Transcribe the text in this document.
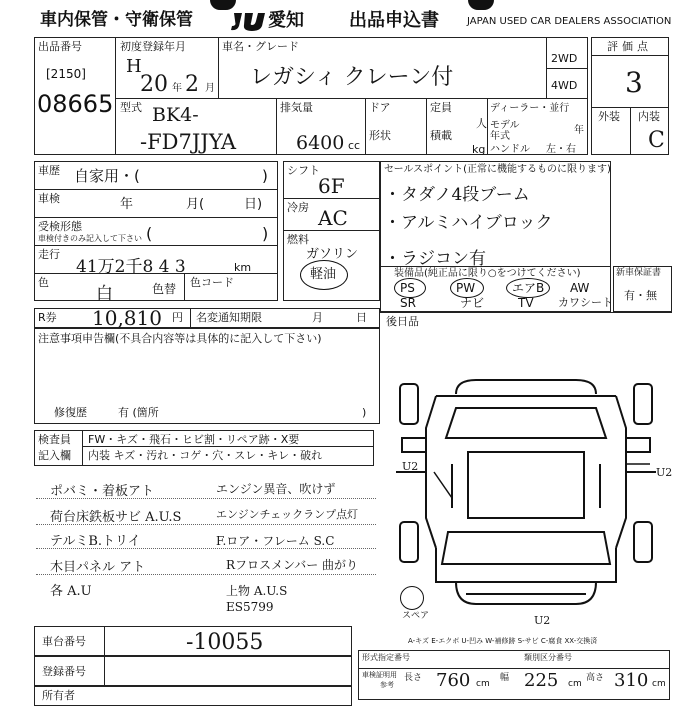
車内保管・守衛保管	愛知	出品申込書	JAPAN USED CAR DEALERS ASSOCIATION
出品番号
[2150]
08665
初度登録年月
H
20 年 2 月
車名・グレード
レガシィ クレーン付
2WD
4WD
評価点
3
外装 内装
C
型式 BK4-
-FD7JJYA
排気量
6400 cc
ドア
形状
定員
人
積載
kg
ディーラー・並行
モデル
年式
年
ハンドル 左・右
車歴 自家用・(	)
車検	年	月(	日)
受検形態
車検付きのみ記入して下さい (	)
走行
41万2千8 4 3	km
色
白	色替 色コード
シフト
6F
冷房 AC
燃料
ガソリン
軽油
セールスポイント(正常に機能するものに限ります)
・タダノ4段ブーム
・アルミハイブロック
・ラジコン有
装備品(純正品に限り○をつけてください)
PS	PW	エアB AW
SR	ナビ	TV カワシート
新車保証書
有・無
R券 10,810 円 名変通知期限	月	日
注意事項申告欄(不具合内容等は具体的に記入して下さい)
修復歴	有 (箇所	)
後日品
検査員
記入欄
FW・キズ・飛石・ヒビ割・リペア跡・X要
内装 キズ・汚れ・コゲ・穴・スレ・キレ・破れ
ポバミ・着板アト
荷台床鉄板サビ A.U.S
テルミB.トリイ
木目パネル アト
各 A.U
エンジン異音、吹けず
エンジンチェックランプ点灯
F.ロア・フレーム S.C
Rフロスメンバー 曲がり
上物 A.U.S
ES5799
U2	U2
U2
スペア
A-キズ E-エクボ U-凹み W-補修跡 S-サビ C-腐食 XX-交換済
車台番号	-10055
登録番号
所有者
形式指定番号	類別区分番号
車検証明用
参考
長さ 760 cm
幅 225 cm
高さ 310 cm
